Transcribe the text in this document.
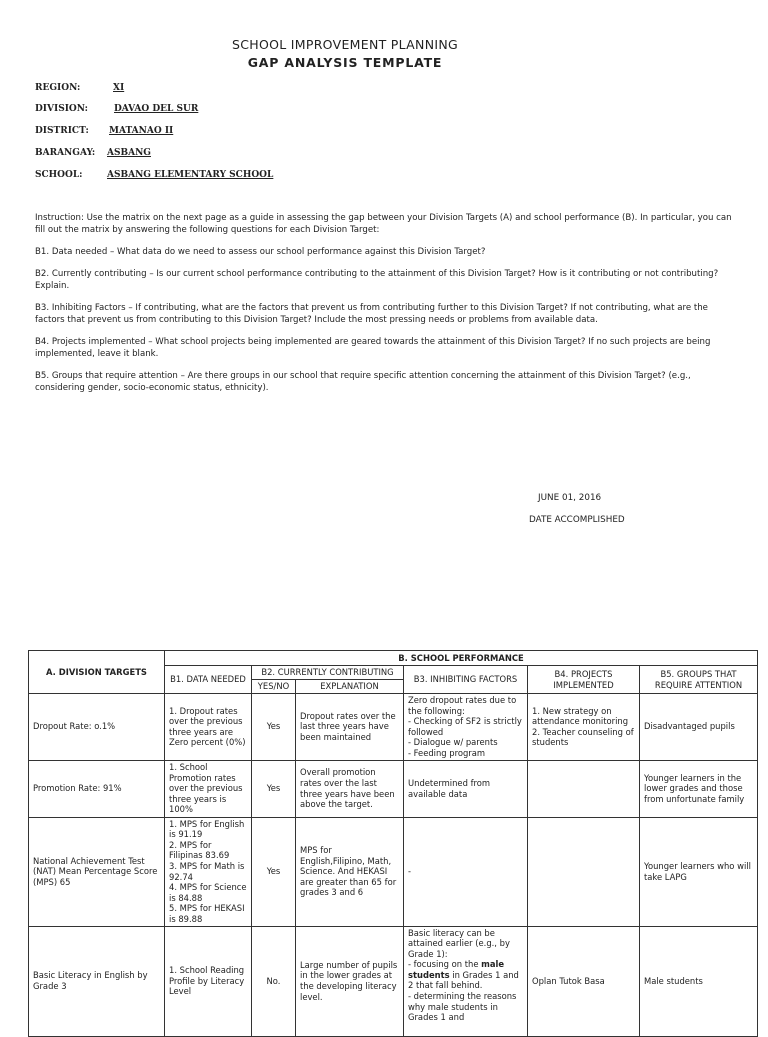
SCHOOL IMPROVEMENT PLANNING
GAP ANALYSIS TEMPLATE
REGION:	XI
DIVISION:	DAVAO DEL SUR
DISTRICT: MATANAO II
BARANGAY: ASBANG
SCHOOL:	ASBANG ELEMENTARY SCHOOL

Instruction: Use the matrix on the next page as a guide in assessing the gap between your Division Targets (A) and school performance (B). In particular, you can fill out the matrix by answering the following questions for each Division Target:

B1. Data needed – What data do we need to assess our school performance against this Division Target?

B2. Currently contributing – Is our current school performance contributing to the attainment of this Division Target? How is it contributing or not contributing? Explain.

B3. Inhibiting Factors – If contributing, what are the factors that prevent us from contributing further to this Division Target? If not contributing, what are the factors that prevent us from contributing to this Division Target? Include the most pressing needs or problems from available data.

B4. Projects implemented – What school projects being implemented are geared towards the attainment of this Division Target? If no such projects are being implemented, leave it blank.

B5. Groups that require attention – Are there groups in our school that require specific attention concerning the attainment of this Division Target? (e.g., considering gender, socio-economic status, ethnicity).

JUNE 01, 2016
DATE ACCOMPLISHED
A. DIVISION TARGETS	B. SCHOOL PERFORMANCE					
	B1. DATA NEEDED	B2. CURRENTLY CONTRIBUTING		B3. INHIBITING FACTORS	B4. PROJECTS IMPLEMENTED	B5. GROUPS THAT REQUIRE ATTENTION
		YES/NO	EXPLANATION			
Dropout Rate: o.1%	1. Dropout rates over the previous three years are Zero percent (0%)	Yes	Dropout rates over the last three years have been maintained	Zero dropout rates due to the following:
- Checking of SF2 is strictly followed
- Dialogue w/ parents
- Feeding program	1. New strategy on attendance monitoring
2. Teacher counseling of students	Disadvantaged pupils
Promotion Rate: 91%	1. School Promotion rates over the previous three years is 100%	Yes	Overall promotion rates over the last three years have been above the target.	Undetermined from available data		Younger learners in the lower grades and those from unfortunate family
National Achievement Test (NAT) Mean Percentage Score (MPS) 65	1. MPS for English is 91.19
2. MPS for Filipinas 83.69
3. MPS for Math is 92.74
4. MPS for Science is 84.88
5. MPS for HEKASI is 89.88	Yes	MPS for English,Filipino, Math, Science. And HEKASI are greater than 65 for grades 3 and 6	-		Younger learners who will take LAPG
Basic Literacy in English by Grade 3	1. School Reading Profile by Literacy Level	No.	Large number of pupils in the lower grades at the developing literacy level.	Basic literacy can be attained earlier (e.g., by Grade 1):
- focusing on the male students in Grades 1 and 2 that fall behind.
- determining the reasons why male students in Grades 1 and	Oplan Tutok Basa	Male students
